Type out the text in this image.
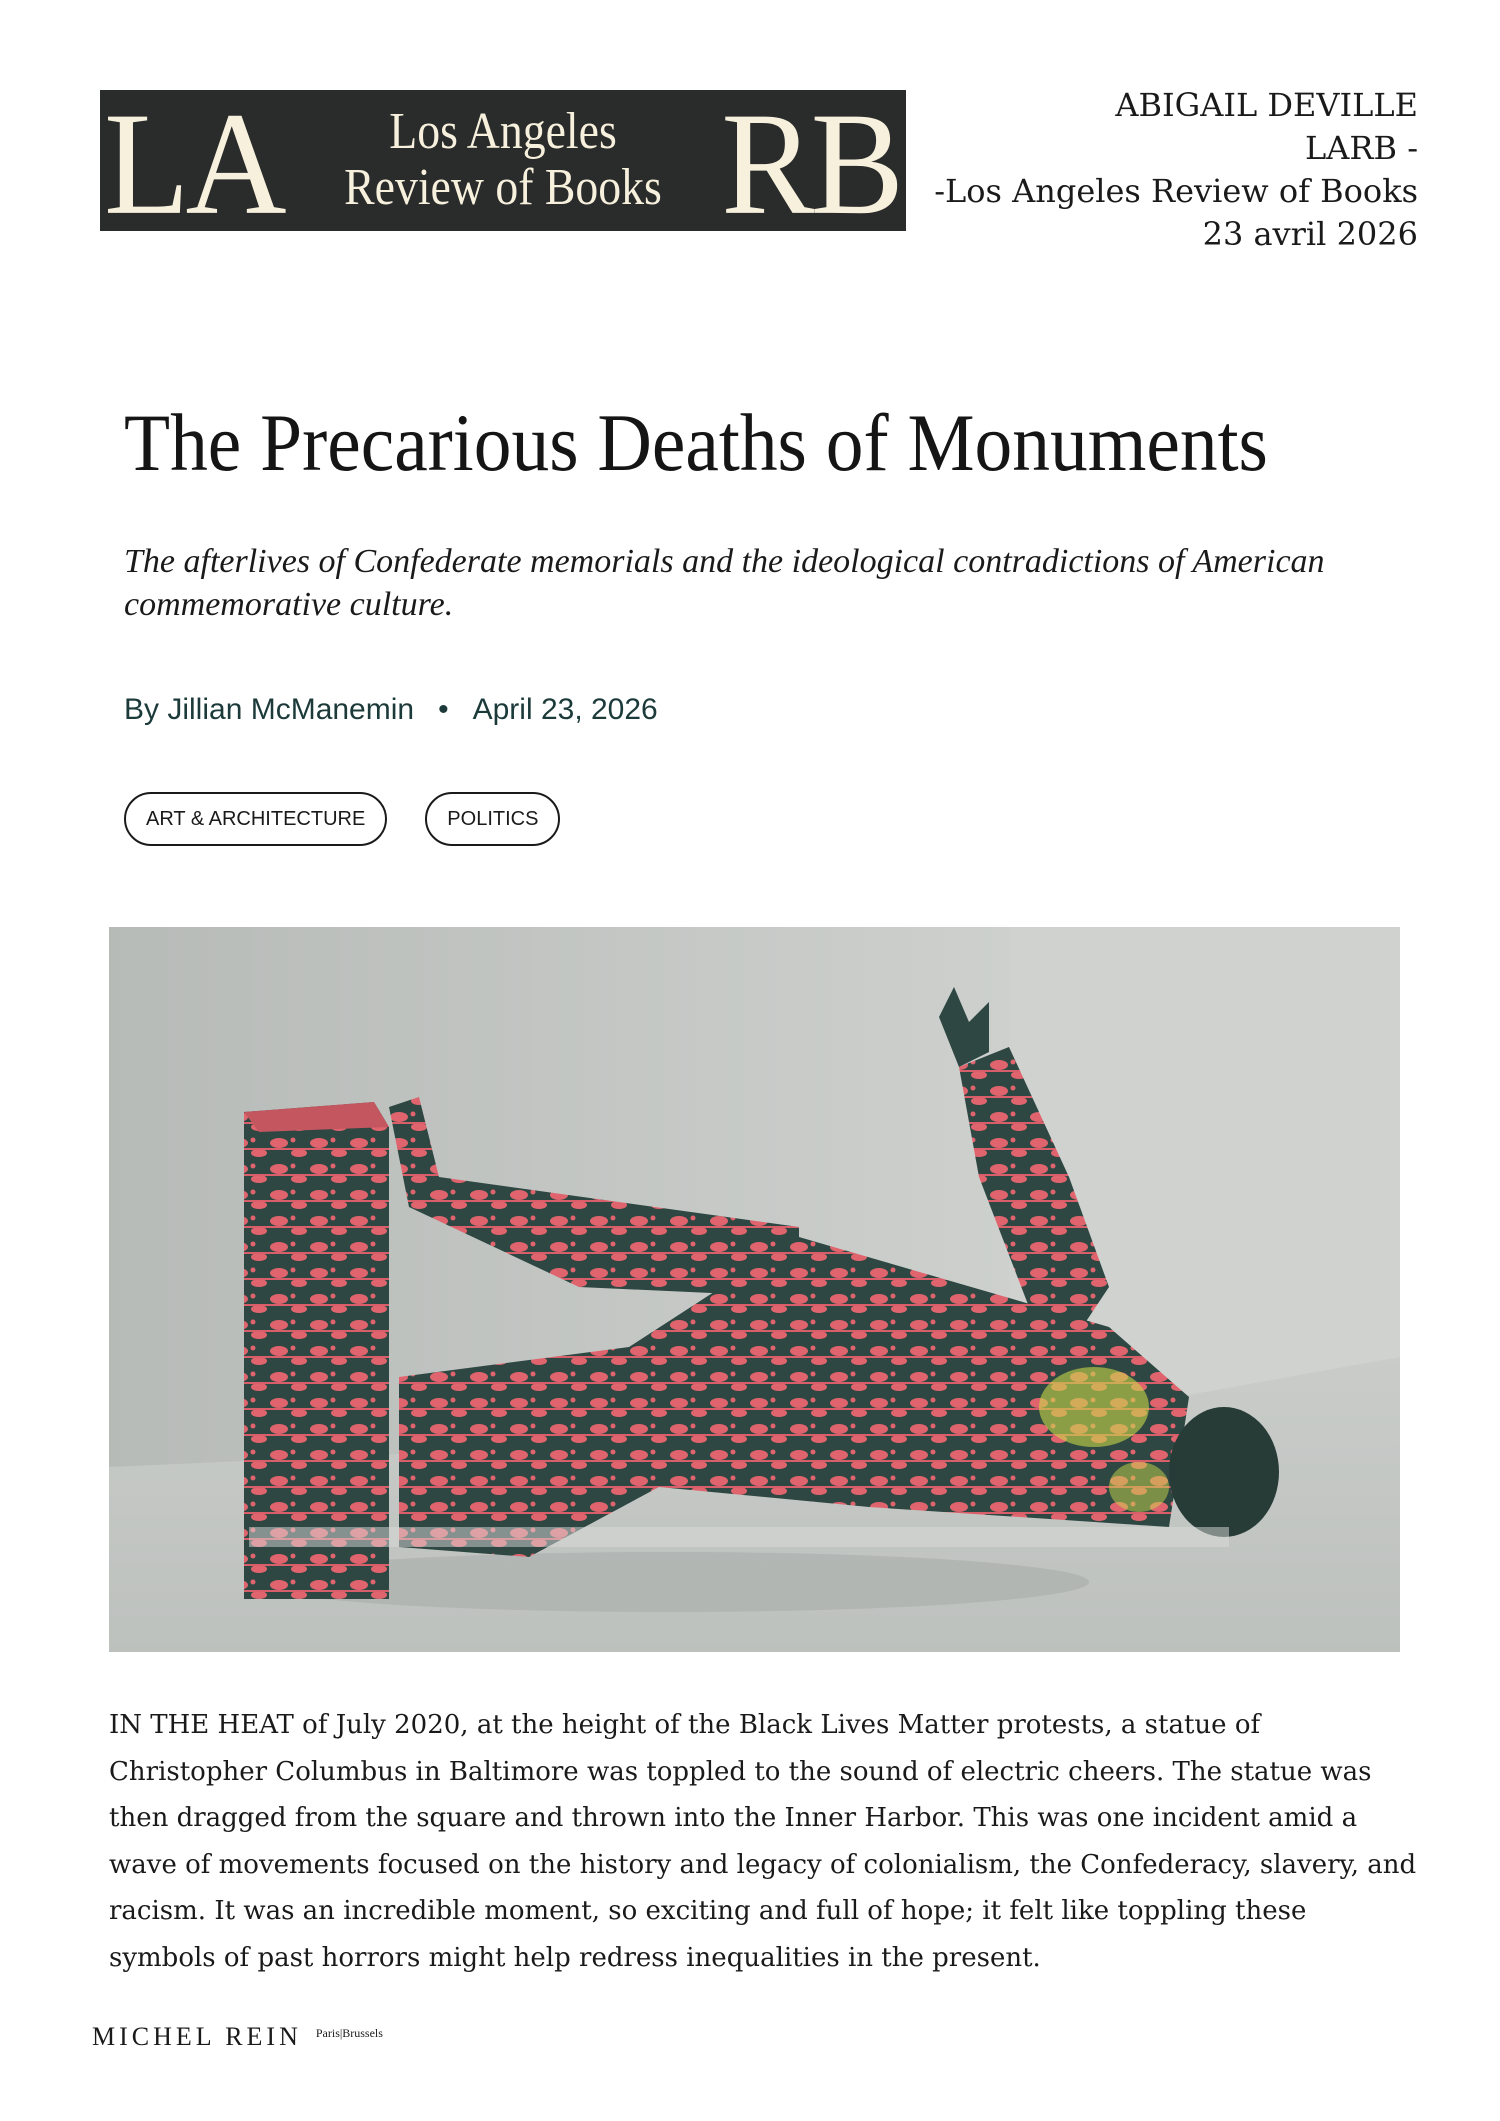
LA	Los Angeles
Review of Books RB	ABIGAIL DEVILLE
LARB -
-Los Angeles Review of Books
23 avril 2026
The Precarious Deaths of Monuments
The afterlives of Confederate memorials and the ideological contradictions of American commemorative culture.
By Jillian McManemin • April 23, 2026
ART & ARCHITECTURE	POLITICS
IN THE HEAT of July 2020, at the height of the Black Lives Matter protests, a statue of Christopher Columbus in Baltimore was toppled to the sound of electric cheers. The statue was then dragged from the square and thrown into the Inner Harbor. This was one incident amid a wave of movements focused on the history and legacy of colonialism, the Confederacy, slavery, and racism. It was an incredible moment, so exciting and full of hope; it felt like toppling these symbols of past horrors might help redress inequalities in the present.
MICHEL REIN Paris|Brussels
